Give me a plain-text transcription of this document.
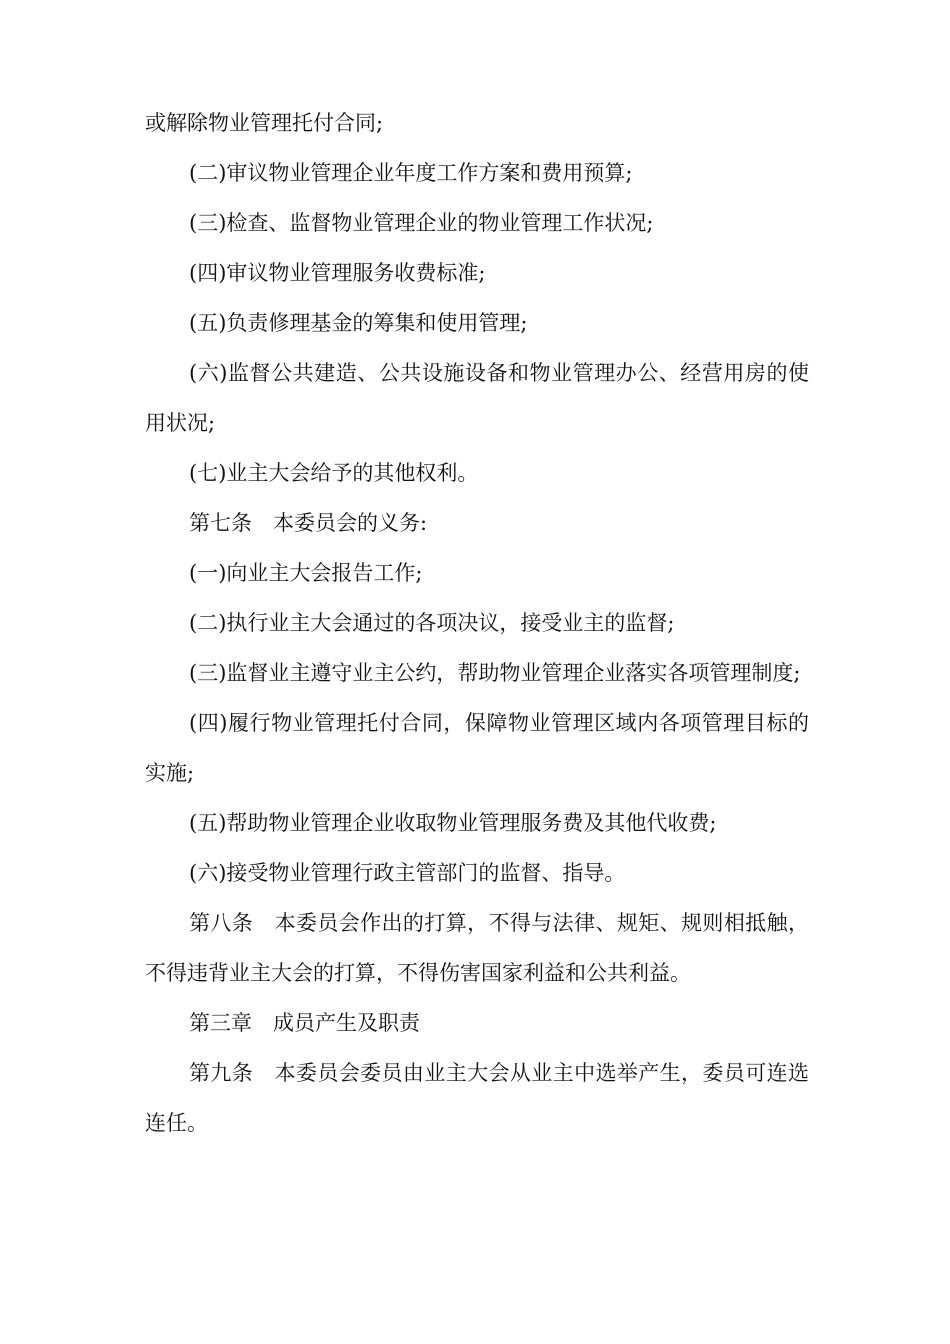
或解除物业管理托付合同;

(二)审议物业管理企业年度工作方案和费用预算;

(三)检查、监督物业管理企业的物业管理工作状况;

(四)审议物业管理服务收费标准;

(五)负责修理基金的筹集和使用管理;

(六)监督公共建造、公共设施设备和物业管理办公、经营用房的使用状况;

(七)业主大会给予的其他权利。

第七条　本委员会的义务:

(一)向业主大会报告工作;

(二)执行业主大会通过的各项决议，接受业主的监督;

(三)监督业主遵守业主公约，帮助物业管理企业落实各项管理制度;

(四)履行物业管理托付合同，保障物业管理区域内各项管理目标的实施;

(五)帮助物业管理企业收取物业管理服务费及其他代收费;

(六)接受物业管理行政主管部门的监督、指导。

第八条　本委员会作出的打算，不得与法律、规矩、规则相抵触，不得违背业主大会的打算，不得伤害国家利益和公共利益。

第三章　成员产生及职责

第九条　本委员会委员由业主大会从业主中选举产生，委员可连选连任。
